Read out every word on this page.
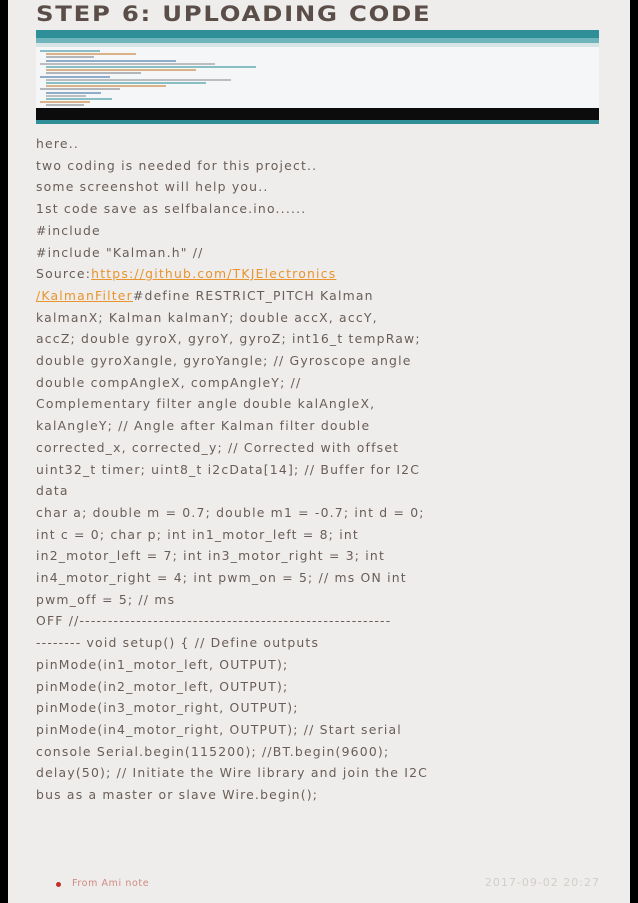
STEP 6: UPLOADING CODE
here..
two coding is needed for this project..
some screenshot will help you..
1st code save as selfbalance.ino......
#include
#include "Kalman.h" //
Source:https://github.com/TKJElectronics
/KalmanFilter#define RESTRICT_PITCH Kalman
kalmanX; Kalman kalmanY; double accX, accY,
accZ; double gyroX, gyroY, gyroZ; int16_t tempRaw;
double gyroXangle, gyroYangle; // Gyroscope angle
double compAngleX, compAngleY; //
Complementary filter angle double kalAngleX,
kalAngleY; // Angle after Kalman filter double
corrected_x, corrected_y; // Corrected with offset
uint32_t timer; uint8_t i2cData[14]; // Buffer for I2C
data
char a; double m = 0.7; double m1 = -0.7; int d = 0;
int c = 0; char p; int in1_motor_left = 8; int
in2_motor_left = 7; int in3_motor_right = 3; int
in4_motor_right = 4; int pwm_on = 5; // ms ON int
pwm_off = 5; // ms
OFF //-------------------------------------------------------
-------- void setup() { // Define outputs
pinMode(in1_motor_left, OUTPUT);
pinMode(in2_motor_left, OUTPUT);
pinMode(in3_motor_right, OUTPUT);
pinMode(in4_motor_right, OUTPUT); // Start serial
console Serial.begin(115200); //BT.begin(9600);
delay(50); // Initiate the Wire library and join the I2C
bus as a master or slave Wire.begin();
From Ami note	2017-09-02 20:27
